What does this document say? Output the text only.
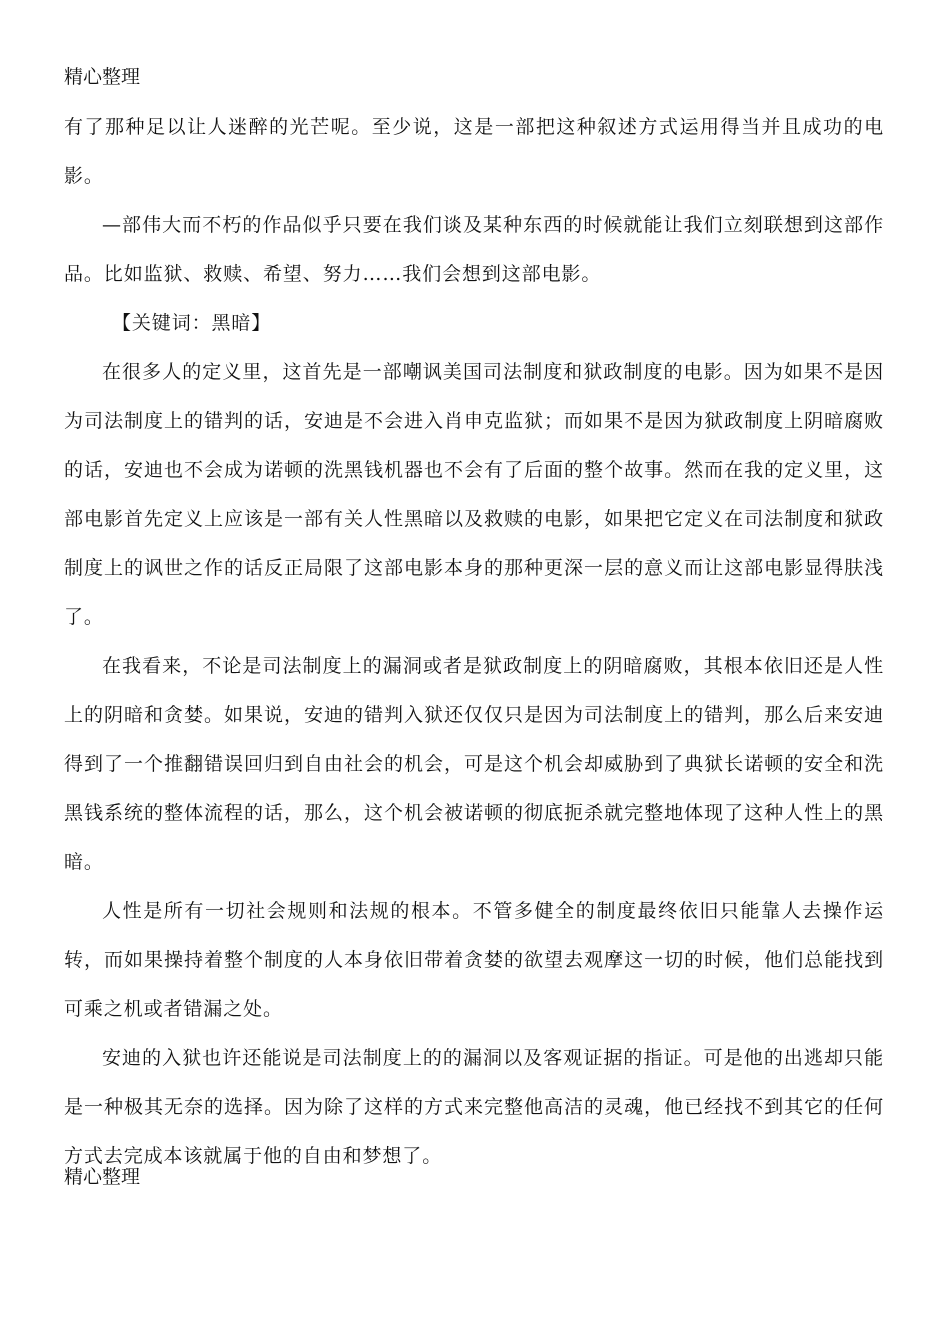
精心整理

有了那种足以让人迷醉的光芒呢。至少说，这是一部把这种叙述方式运用得当并且成功的电影。

—部伟大而不朽的作品似乎只要在我们谈及某种东西的时候就能让我们立刻联想到这部作品。比如监狱、救赎、希望、努力……我们会想到这部电影。

【关键词：黑暗】

在很多人的定义里，这首先是一部嘲讽美国司法制度和狱政制度的电影。因为如果不是因为司法制度上的错判的话，安迪是不会进入肖申克监狱；而如果不是因为狱政制度上阴暗腐败的话，安迪也不会成为诺顿的洗黑钱机器也不会有了后面的整个故事。然而在我的定义里，这部电影首先定义上应该是一部有关人性黑暗以及救赎的电影，如果把它定义在司法制度和狱政制度上的讽世之作的话反正局限了这部电影本身的那种更深一层的意义而让这部电影显得肤浅了。

在我看来，不论是司法制度上的漏洞或者是狱政制度上的阴暗腐败，其根本依旧还是人性上的阴暗和贪婪。如果说，安迪的错判入狱还仅仅只是因为司法制度上的错判，那么后来安迪得到了一个推翻错误回归到自由社会的机会，可是这个机会却威胁到了典狱长诺顿的安全和洗黑钱系统的整体流程的话，那么，这个机会被诺顿的彻底扼杀就完整地体现了这种人性上的黑暗。

人性是所有一切社会规则和法规的根本。不管多健全的制度最终依旧只能靠人去操作运转，而如果操持着整个制度的人本身依旧带着贪婪的欲望去观摩这一切的时候，他们总能找到可乘之机或者错漏之处。

安迪的入狱也许还能说是司法制度上的的漏洞以及客观证据的指证。可是他的出逃却只能是一种极其无奈的选择。因为除了这样的方式来完整他高洁的灵魂，他已经找不到其它的任何方式去完成本该就属于他的自由和梦想了。

精心整理
